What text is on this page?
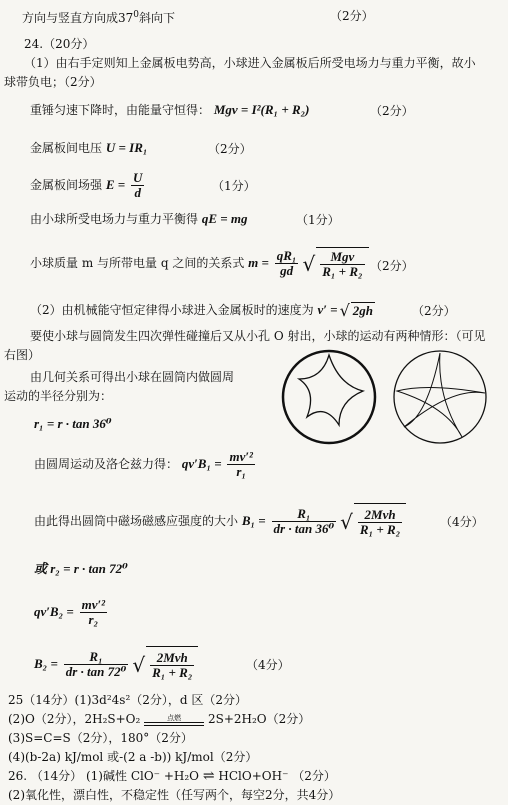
方向与竖直方向成$37^0$斜向下	（2分）
24.（20分）
（1）由右手定则知上金属板电势高，小球进入金属板后所受电场力与重力平衡，故小
球带负电；（2分）
重锤匀速下降时，由能量守恒得： Mgv = I²(R₁ + R₂)	（2分）
金属板间电压 U = IR₁	（2分）
金属板间场强 $E = \frac{U}{d}$	（1分）
由小球所受电场力与重力平衡得 qE = mg	（1分）
小球质量 m 与所带电量 q 之间的关系式 $m = \frac{\text{qR₁}}{gd}$ √ $\frac{\text{Mgv}}{\text{R₁ + R₂}} (2$分）
（2）由机械能守恒定律得小球进入金属板时的速度为 v′ = √ 2gh	（2分）
要使小球与圆筒发生四次弹性碰撞后又从小孔 O 射出，小球的运动有两种情形：（可见
右图）
由几何关系可得出小球在圆筒内做圆周
运动的半径分别为：
r₁ = r · tan 36⁰
由圆周运动及洛仑兹力得： $qv'B_1 = \frac{\text{mv′²}}{\text{r₁}}$
由此得出圆筒中磁场磁感应强度的大小 $B_1 = \frac{\text{R₁}}{\text{dr · tan 36⁰}}$ √ $\frac{\text{2Mvh}}{\text{R₁ + R₂}}$	（4分）
或 r₂ = r · tan 72⁰
$qv'B_2 = \frac{\text{mv′²}}{\text{r₂}}$
$B_2 = \frac{\text{R₁}}{\text{dr · tan 72⁰}}$ √ $\frac{\text{2Mvh}}{\text{R₁ + R₂}}$	（4分）
25（14分）(1)3d²4s²（2分），d 区（2分）
(2)O（2分），2H₂S+O₂	点燃	2S+2H₂O（2分）
(3)S=C=S（2分），180°（2分）
(4)(b-2a) kJ/mol 或-(2 a -b)) kJ/mol（2分）
26. （14分） (1)碱性 ClO⁻ +H₂O ⇌ HClO+OH⁻ （2分）
(2)氧化性，漂白性，不稳定性（任写两个，每空2分，共4分）
